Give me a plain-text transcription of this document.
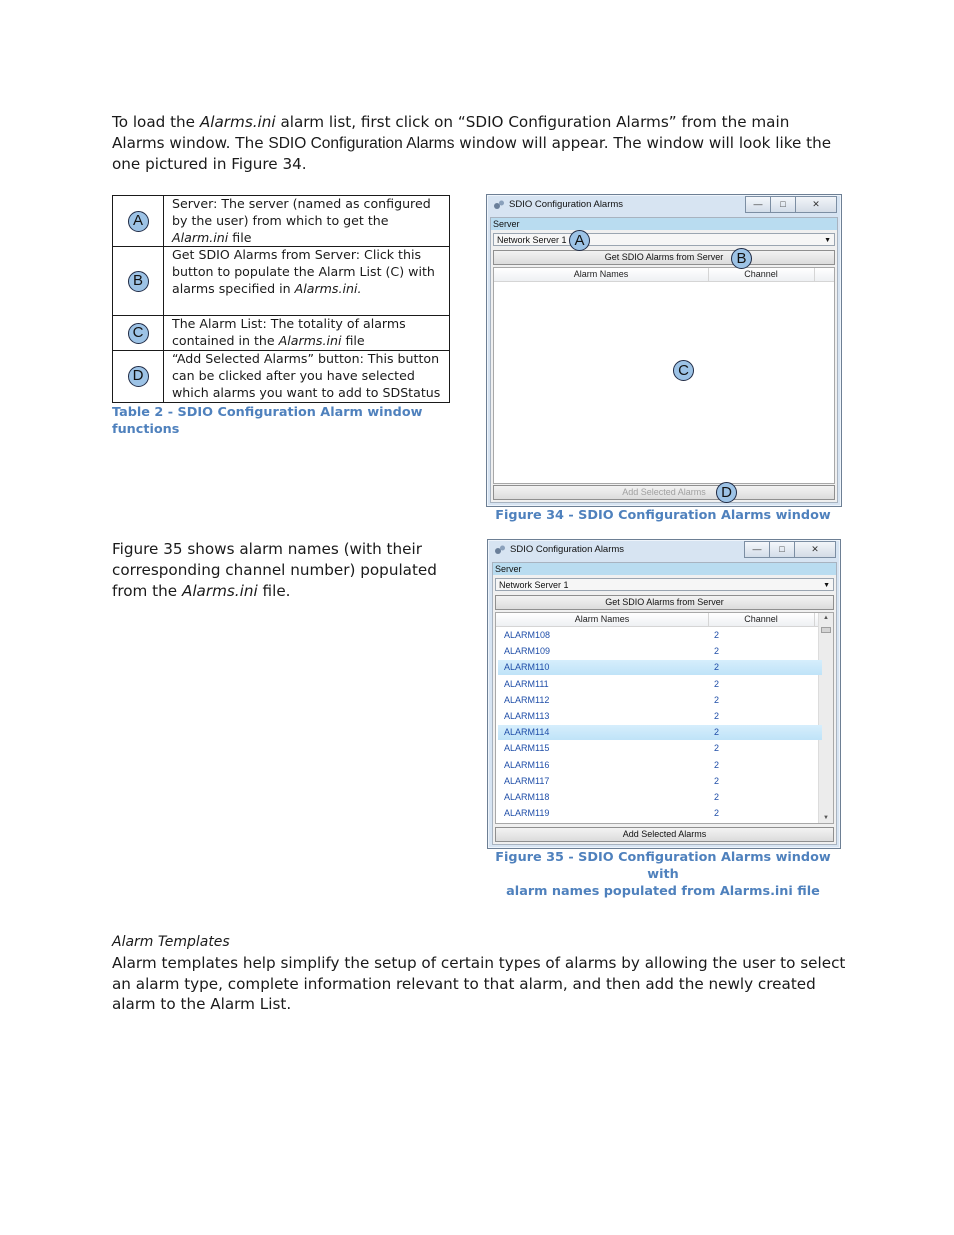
To load the Alarms.ini alarm list, first click on “SDIO Configuration Alarms” from the main Alarms window. The SDIO Configuration Alarms window will appear. The window will look like the one pictured in Figure 34.

A	Server: The server (named as configured by the user) from which to get the Alarm.ini file
B	Get SDIO Alarms from Server: Click this button to populate the Alarm List (C) with alarms specified in Alarms.ini.
C	The Alarm List: The totality of alarms contained in the Alarms.ini file
D	“Add Selected Alarms” button: This button can be clicked after you have selected which alarms you want to add to SDStatus
Table 2 - SDIO Configuration Alarm window functions
SDIO Configuration Alarms	—	□	✕
Server
Network Server 1	▼
Get SDIO Alarms from Server
Alarm Names	Channel
Add Selected Alarms
A
B
C
D
Figure 34 - SDIO Configuration Alarms window

Figure 35 shows alarm names (with their corresponding channel number) populated from the Alarms.ini file.

SDIO Configuration Alarms	—	□	✕
Server
Network Server 1	▼
Get SDIO Alarms from Server
Alarm Names	Channel	▲
▼
ALARM108	2
ALARM109	2
ALARM110	2
ALARM111	2
ALARM112	2
ALARM113	2
ALARM114	2
ALARM115	2
ALARM116	2
ALARM117	2
ALARM118	2
ALARM119	2
Add Selected Alarms
Figure 35 - SDIO Configuration Alarms window with
alarm names populated from Alarms.ini file
Alarm Templates

Alarm templates help simplify the setup of certain types of alarms by allowing the user to select an alarm type, complete information relevant to that alarm, and then add the newly created alarm to the Alarm List.
